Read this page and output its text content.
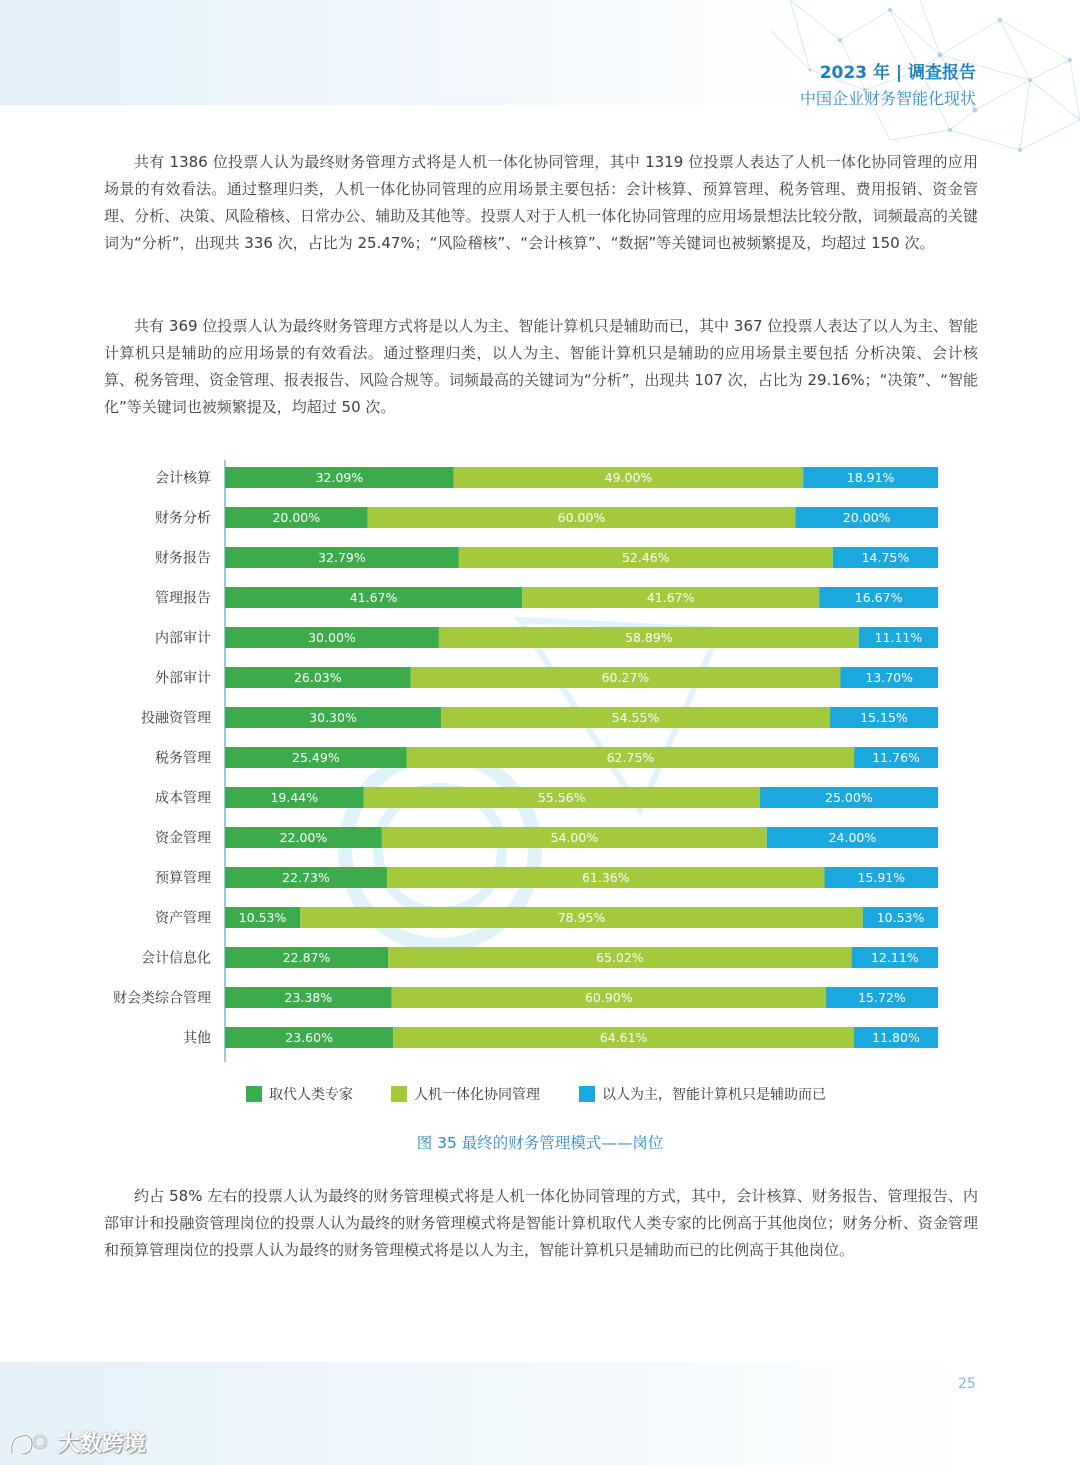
2023 年 | 调查报告
中国企业财务智能化现状

共有 1386 位投票人认为最终财务管理方式将是人机一体化协同管理，其中 1319 位投票人表达了人机一体化协同管理的应用场景的有效看法。通过整理归类，人机一体化协同管理的应用场景主要包括：会计核算、预算管理、税务管理、费用报销、资金管理、分析、决策、风险稽核、日常办公、辅助及其他等。投票人对于人机一体化协同管理的应用场景想法比较分散，词频最高的关键词为“分析”，出现共 336 次，占比为 25.47%；“风险稽核”、“会计核算”、“数据”等关键词也被频繁提及，均超过 150 次。

共有 369 位投票人认为最终财务管理方式将是以人为主、智能计算机只是辅助而已，其中 367 位投票人表达了以人为主、智能计算机只是辅助的应用场景的有效看法。通过整理归类，以人为主、智能计算机只是辅助的应用场景主要包括 分析决策、会计核算、税务管理、资金管理、报表报告、风险合规等。词频最高的关键词为“分析”，出现共 107 次，占比为 29.16%；“决策”、“智能化”等关键词也被频繁提及，均超过 50 次。

会计核算	32.09%	49.00%	18.91%
财务分析	20.00%	60.00%	20.00%
财务报告	32.79%	52.46%	14.75%
管理报告	41.67%	41.67%	16.67%
内部审计	30.00%	58.89%	11.11%
外部审计	26.03%	60.27%	13.70%
投融资管理	30.30%	54.55%	15.15%
税务管理	25.49%	62.75%	11.76%
成本管理	19.44%	55.56%	25.00%
资金管理	22.00%	54.00%	24.00%
预算管理	22.73%	61.36%	15.91%
资产管理 10.53%	78.95%	10.53%
会计信息化	22.87%	65.02%	12.11%
财会类综合管理	23.38%	60.90%	15.72%
其他	23.60%	64.61%	11.80%
取代人类专家	人机一体化协同管理	以人为主，智能计算机只是辅助而已
图 35 最终的财务管理模式——岗位

约占 58% 左右的投票人认为最终的财务管理模式将是人机一体化协同管理的方式，其中，会计核算、财务报告、管理报告、内部审计和投融资管理岗位的投票人认为最终的财务管理模式将是智能计算机取代人类专家的比例高于其他岗位；财务分析、资金管理和预算管理岗位的投票人认为最终的财务管理模式将是以人为主，智能计算机只是辅助而已的比例高于其他岗位。

25
大数跨境
